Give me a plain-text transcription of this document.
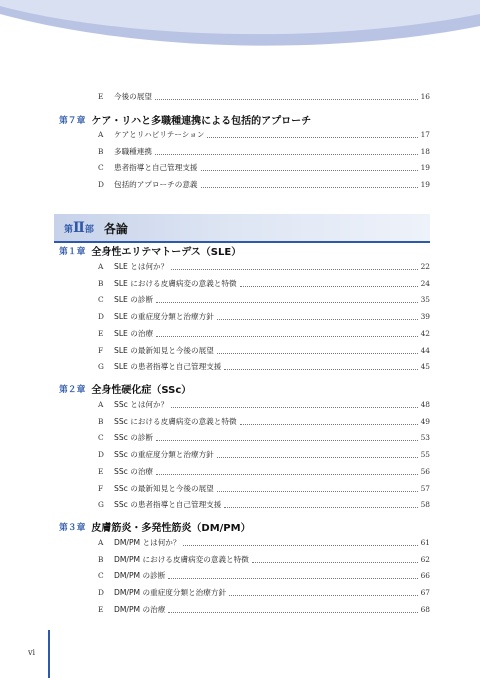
E	今後の展望	16
第７章 ケア・リハと多職種連携による包括的アプローチ
A	ケアとリハビリテーション	17
B	多職種連携	18
C	患者指導と自己管理支援	19
D	包括的アプローチの意義	19
第Ⅱ部 各論
第１章 全身性エリテマトーデス（SLE）
A	SLE とは何か？	22
B	SLE における皮膚病変の意義と特徴	24
C	SLE の診断	35
D	SLE の重症度分類と治療方針	39
E	SLE の治療	42
F	SLE の最新知見と今後の展望	44
G	SLE の患者指導と自己管理支援	45
第２章 全身性硬化症（SSc）
A	SSc とは何か？	48
B	SSc における皮膚病変の意義と特徴	49
C	SSc の診断	53
D	SSc の重症度分類と治療方針	55
E	SSc の治療	56
F	SSc の最新知見と今後の展望	57
G	SSc の患者指導と自己管理支援	58
第３章 皮膚筋炎・多発性筋炎（DM/PM）
A	DM/PM とは何か？	61
B	DM/PM における皮膚病変の意義と特徴	62
C	DM/PM の診断	66
D	DM/PM の重症度分類と治療方針	67
E	DM/PM の治療	68
vi
